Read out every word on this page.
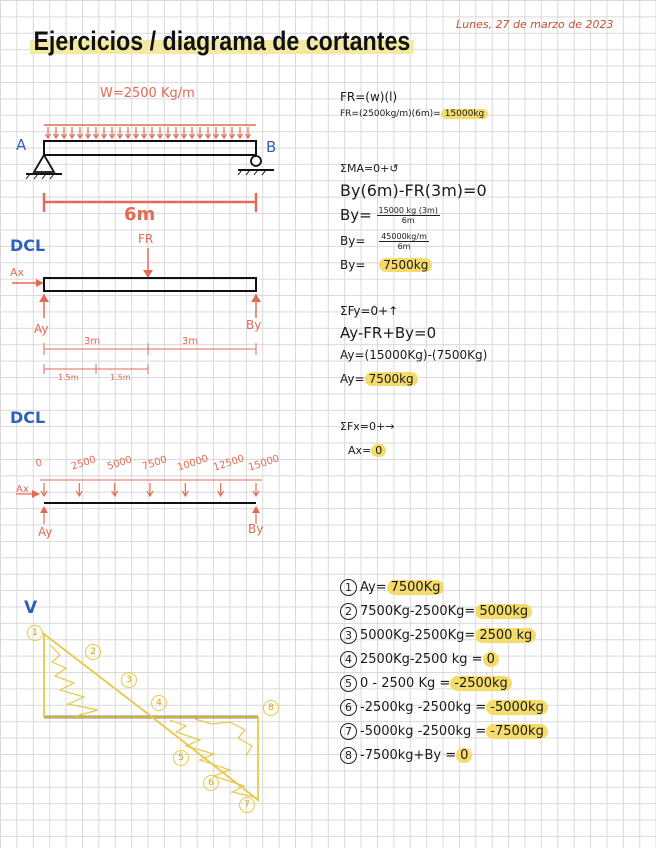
Ejercicios / diagrama de cortantes
Lunes, 27 de marzo de 2023
W=2500 Kg/m
A	B
6m
DCL	FR
Ax
Ay	By
3m	3m
1.5m	1.5m
DCL
0	2500 5000 7500 10000 12500 15000
Ax
Ay	By
V
1
2
3
4
5
6
7
8
FR=(w)(l)
FR=(2500kg/m)(6m)= 15000kg
ΣMA=0+↺
By(6m)-FR(3m)=0
$By= \frac{15000 kg (3m)}{6m}$
$By= \frac{45000kg/m}{6m}$
By= 7500kg
ΣFy=0+↑
Ay-FR+By=0
Ay=(15000Kg)-(7500Kg)
Ay= 7500kg
ΣFx=0+→
Ax= 0
1 Ay= 7500Kg
2 7500Kg-2500Kg= 5000kg
3 5000Kg-2500Kg= 2500 kg
4 2500Kg-2500 kg = 0
5 0 - 2500 Kg = -2500kg
6 -2500kg -2500kg = -5000kg
7 -5000kg -2500kg = -7500kg
8 -7500kg+By = 0
